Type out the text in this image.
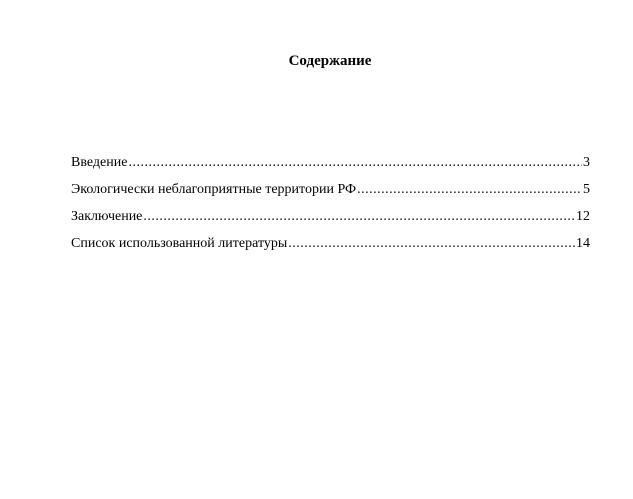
Содержание
Введение .....	3
Экологически неблагоприятные территории РФ .....	5
Заключение .....	12
Список использованной литературы .....	14
